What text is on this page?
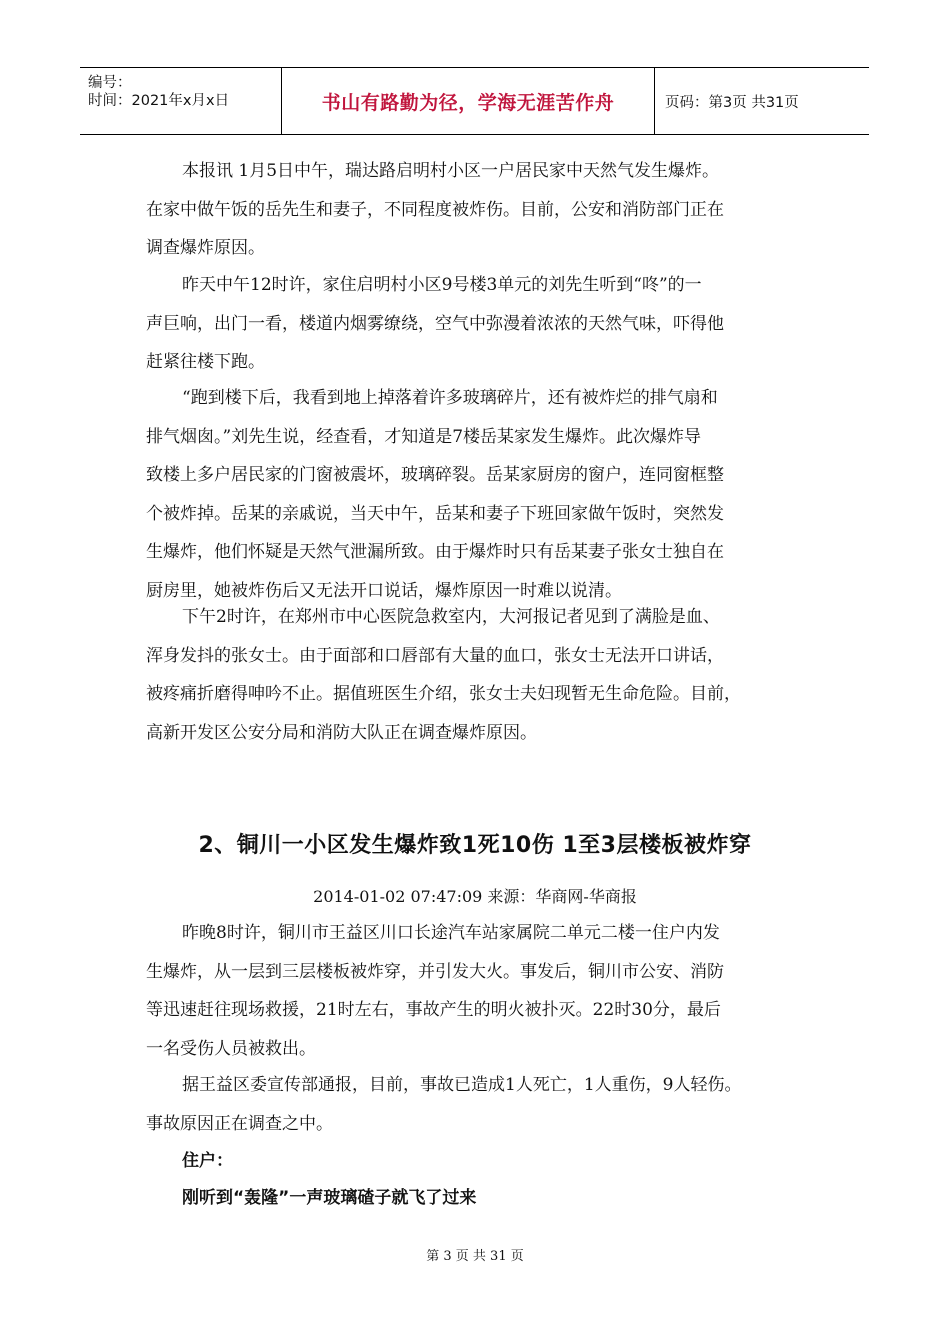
编号：
时间：2021年x月x日	书山有路勤为径，学海无涯苦作舟	页码：第3页 共31页
本报讯 1月5日中午，瑞达路启明村小区一户居民家中天然气发生爆炸。
在家中做午饭的岳先生和妻子，不同程度被炸伤。目前，公安和消防部门正在
调查爆炸原因。
昨天中午12时许，家住启明村小区9号楼3单元的刘先生听到“咚”的一
声巨响，出门一看，楼道内烟雾缭绕，空气中弥漫着浓浓的天然气味，吓得他
赶紧往楼下跑。
“跑到楼下后，我看到地上掉落着许多玻璃碎片，还有被炸烂的排气扇和
排气烟囱。”刘先生说，经查看，才知道是7楼岳某家发生爆炸。此次爆炸导
致楼上多户居民家的门窗被震坏，玻璃碎裂。岳某家厨房的窗户，连同窗框整
个被炸掉。岳某的亲戚说，当天中午，岳某和妻子下班回家做午饭时，突然发
生爆炸，他们怀疑是天然气泄漏所致。由于爆炸时只有岳某妻子张女士独自在
厨房里，她被炸伤后又无法开口说话，爆炸原因一时难以说清。
下午2时许，在郑州市中心医院急救室内，大河报记者见到了满脸是血、
浑身发抖的张女士。由于面部和口唇部有大量的血口，张女士无法开口讲话，
被疼痛折磨得呻吟不止。据值班医生介绍，张女士夫妇现暂无生命危险。目前，
高新开发区公安分局和消防大队正在调查爆炸原因。
2、铜川一小区发生爆炸致1死10伤 1至3层楼板被炸穿
2014-01-02 07:47:09 来源：华商网-华商报
昨晚8时许，铜川市王益区川口长途汽车站家属院二单元二楼一住户内发
生爆炸，从一层到三层楼板被炸穿，并引发大火。事发后，铜川市公安、消防
等迅速赶往现场救援，21时左右，事故产生的明火被扑灭。22时30分，最后
一名受伤人员被救出。
据王益区委宣传部通报，目前，事故已造成1人死亡，1人重伤，9人轻伤。
事故原因正在调查之中。
住户：
刚听到“轰隆”一声玻璃碴子就飞了过来
第 3 页 共 31 页
